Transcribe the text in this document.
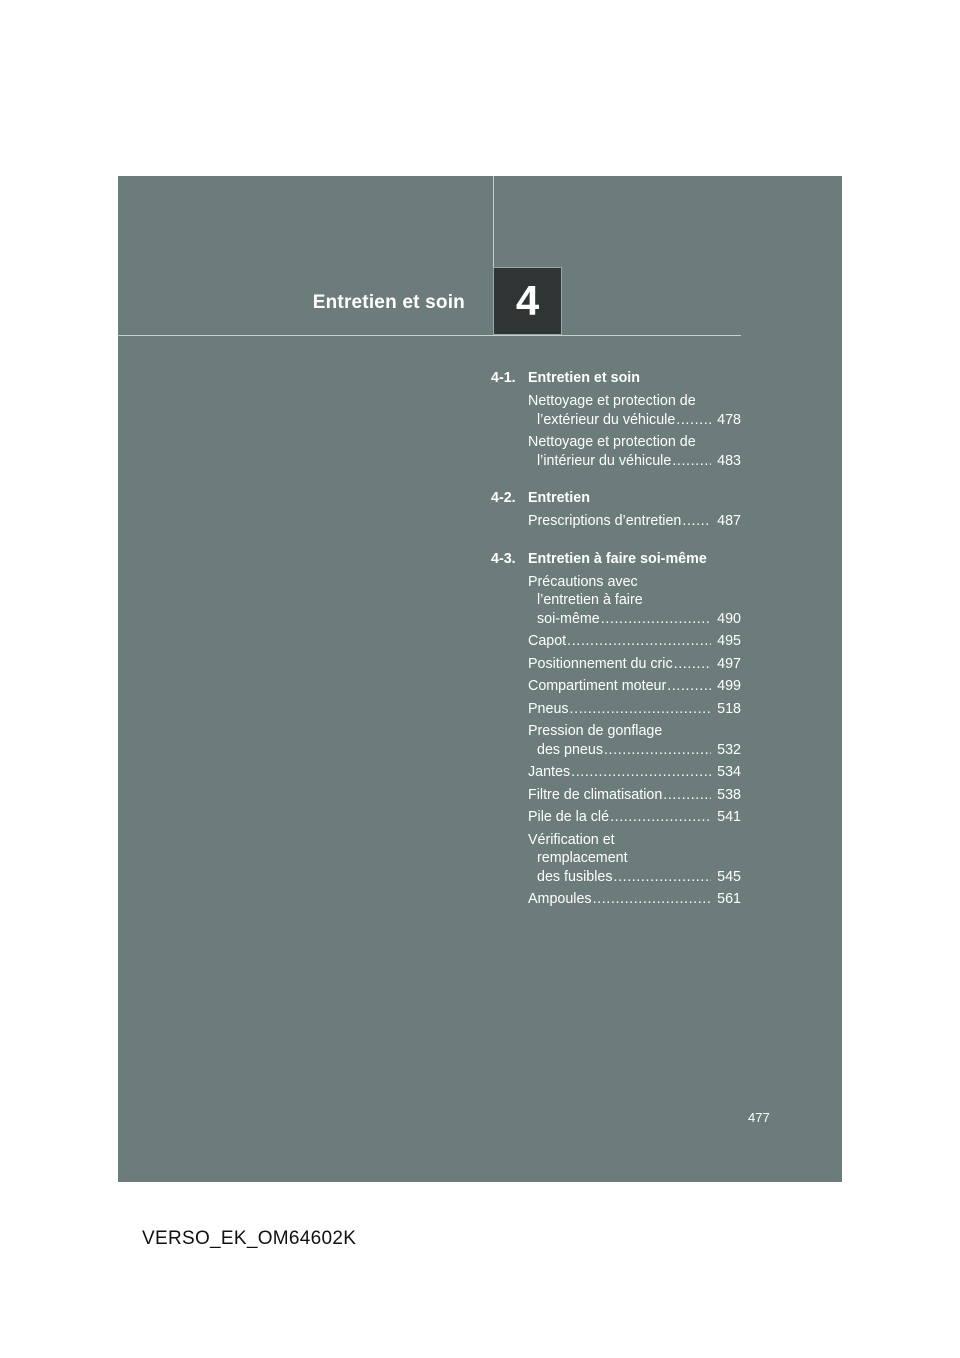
Entretien et soin 4
4-1. Entretien et soin
Nettoyage et protection de
l’extérieur du véhicule .....	478
Nettoyage et protection de
l’intérieur du véhicule .....	483
4-2. Entretien
Prescriptions d’entretien .....	487
4-3. Entretien à faire soi-même
Précautions avec
l’entretien à faire
soi-même .....	490
Capot .....	495
Positionnement du cric .....	497
Compartiment moteur .....	499
Pneus .....	518
Pression de gonflage
des pneus .....	532
Jantes .....	534
Filtre de climatisation .....	538
Pile de la clé .....	541
Vérification et
remplacement
des fusibles .....	545
Ampoules .....	561
477
VERSO_EK_OM64602K
